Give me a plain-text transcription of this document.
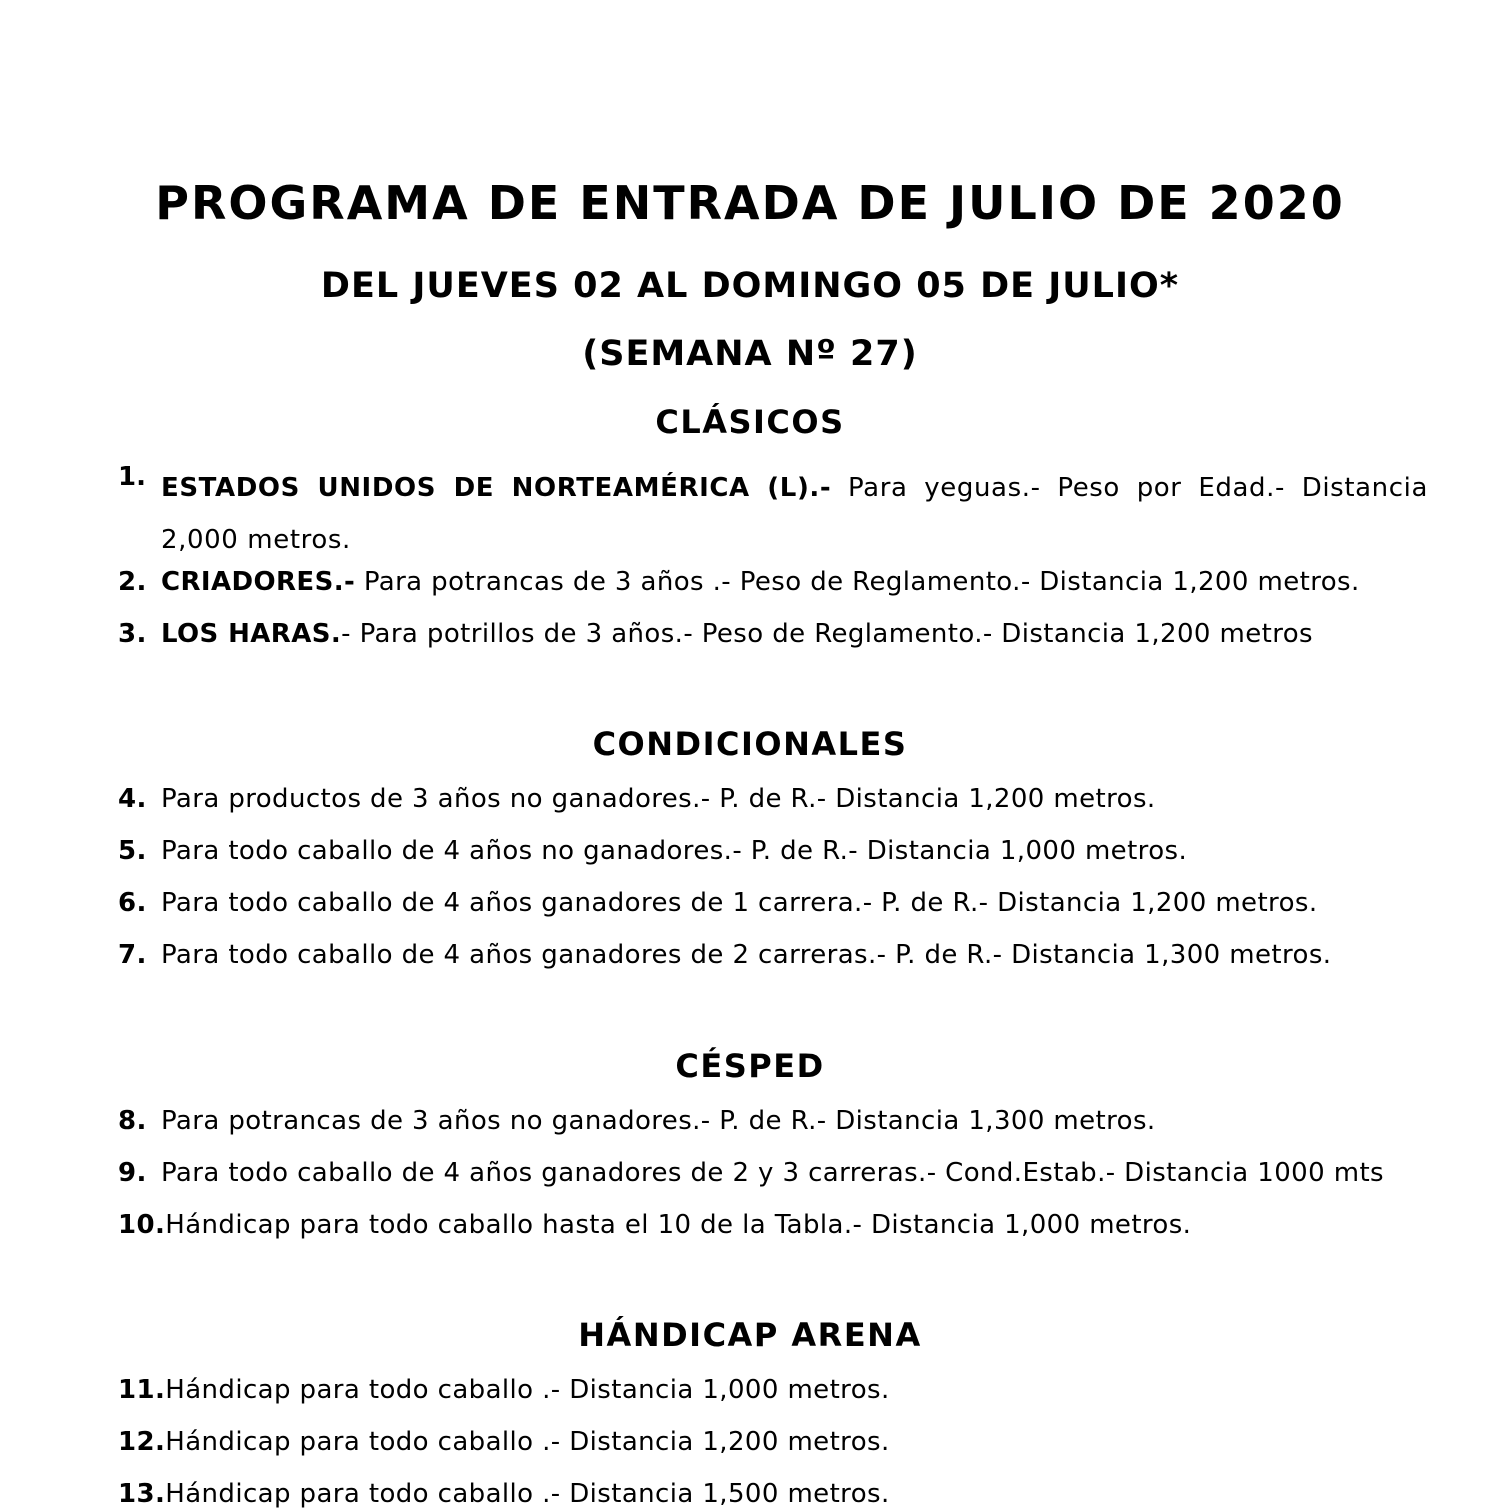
PROGRAMA DE ENTRADA DE JULIO DE 2020
DEL JUEVES 02 AL DOMINGO 05 DE JULIO*
(SEMANA Nº 27)
CLÁSICOS
1. ESTADOS UNIDOS DE NORTEAMÉRICA (L).- Para yeguas.- Peso por Edad.- Distancia
2,000 metros.
2. CRIADORES.- Para potrancas de 3 años .- Peso de Reglamento.- Distancia 1,200 metros.
3. LOS HARAS.- Para potrillos de 3 años.- Peso de Reglamento.- Distancia 1,200 metros
CONDICIONALES
4. Para productos de 3 años no ganadores.- P. de R.- Distancia 1,200 metros.
5. Para todo caballo de 4 años no ganadores.- P. de R.- Distancia 1,000 metros.
6. Para todo caballo de 4 años ganadores de 1 carrera.- P. de R.- Distancia 1,200 metros.
7. Para todo caballo de 4 años ganadores de 2 carreras.- P. de R.- Distancia 1,300 metros.
CÉSPED
8. Para potrancas de 3 años no ganadores.- P. de R.- Distancia 1,300 metros.
9. Para todo caballo de 4 años ganadores de 2 y 3 carreras.- Cond.Estab.- Distancia 1000 mts
10.Hándicap para todo caballo hasta el 10 de la Tabla.- Distancia 1,000 metros.
HÁNDICAP ARENA
11.Hándicap para todo caballo .- Distancia 1,000 metros.
12.Hándicap para todo caballo .- Distancia 1,200 metros.
13.Hándicap para todo caballo .- Distancia 1,500 metros.
